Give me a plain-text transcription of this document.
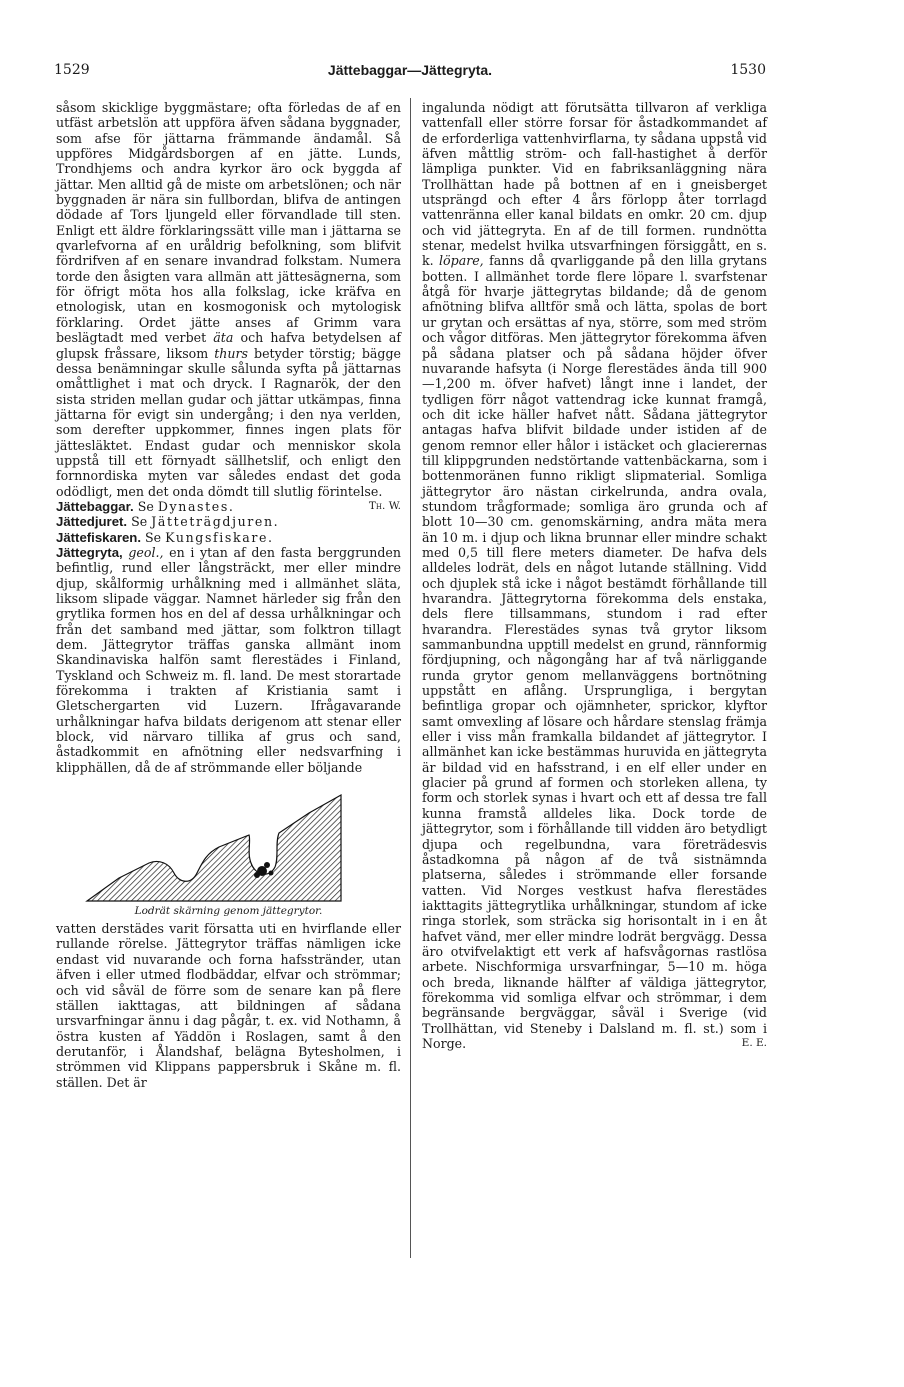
1529	Jättebaggar—Jättegryta.	1530

såsom skicklige byggmästare; ofta förledas de af en utfäst arbetslön att uppföra äfven sådana byggnader, som afse för jättarna främmande ändamål. Så uppföres Midgårdsborgen af en jätte. Lunds, Trondhjems och andra kyrkor äro ock byggda af jättar. Men alltid gå de miste om arbetslönen; och när byggnaden är nära sin fullbordan, blifva de antingen dödade af Tors ljungeld eller förvandlade till sten. Enligt ett äldre förklaringssätt ville man i jättarna se qvarlefvorna af en uråldrig befolkning, som blifvit fördrifven af en senare invandrad folkstam. Numera torde den åsigten vara allmän att jättesägnerna, som för öfrigt möta hos alla folkslag, icke kräfva en etnologisk, utan en kosmogonisk och mytologisk förklaring. Ordet jätte anses af Grimm vara beslägtadt med verbet äta och hafva betydelsen af glupsk fråssare, liksom thurs betyder törstig; bägge dessa benämningar skulle sålunda syfta på jättarnas omåttlighet i mat och dryck. I Ragnarök, der den sista striden mellan gudar och jättar utkämpas, finna jättarna för evigt sin undergång; i den nya verlden, som derefter uppkommer, finnes ingen plats för jättesläktet. Endast gudar och menniskor skola uppstå till ett förnyadt sällhetslif, och enligt den fornnordiska myten var således endast det goda odödligt, men det onda dömdt till slutlig förintelse.
Th. W.

Jättebaggar. Se Dynastes.

Jättedjuret. Se Jätteträgdjuren.

Jättefiskaren. Se Kungsfiskare.

Jättegryta, geol., en i ytan af den fasta berggrunden befintlig, rund eller långsträckt, mer eller mindre djup, skålformig urhålkning med i allmänhet släta, liksom slipade väggar. Namnet härleder sig från den grytlika formen hos en del af dessa urhålkningar och från det samband med jättar, som folktron tillagt dem. Jättegrytor träffas ganska allmänt inom Skandinaviska halfön samt flerestädes i Finland, Tyskland och Schweiz m. fl. land. De mest storartade förekomma i trakten af Kristiania samt i Gletschergarten vid Luzern. Ifrågavarande urhålkningar hafva bildats derigenom att stenar eller block, vid närvaro tillika af grus och sand, åstadkommit en afnötning eller nedsvarfning i klipphällen, då de af strömmande eller böljande

Lodrät skärning genom jättegrytor.

vatten derstädes varit försatta uti en hvirflande eller rullande rörelse. Jättegrytor träffas nämligen icke endast vid nuvarande och forna hafsstränder, utan äfven i eller utmed flodbäddar, elfvar och strömmar; och vid såväl de förre som de senare kan på flere ställen iakttagas, att bildningen af sådana ursvarfningar ännu i dag pågår, t. ex. vid Nothamn, å östra kusten af Yäddön i Roslagen, samt å den derutanför, i Ålandshaf, belägna Bytesholmen, i strömmen vid Klippans pappersbruk i Skåne m. fl. ställen. Det är

ingalunda nödigt att förutsätta tillvaron af verkliga vattenfall eller större forsar för åstadkommandet af de erforderliga vattenhvirflarna, ty sådana uppstå vid äfven måttlig ström- och fall-hastighet å derför lämpliga punkter. Vid en fabriksanläggning nära Trollhättan hade på bottnen af en i gneisberget utsprängd och efter 4 års förlopp åter torrlagd vattenränna eller kanal bildats en omkr. 20 cm. djup och vid jättegryta. En af de till formen. rundnötta stenar, medelst hvilka utsvarfningen försiggått, en s. k. löpare, fanns då qvarliggande på den lilla grytans botten. I allmänhet torde flere löpare l. svarfstenar åtgå för hvarje jättegrytas bildande; då de genom afnötning blifva alltför små och lätta, spolas de bort ur grytan och ersättas af nya, större, som med ström och vågor ditföras. Men jättegrytor förekomma äfven på sådana platser och på sådana höjder öfver nuvarande hafsyta (i Norge flerestädes ända till 900—1,200 m. öfver hafvet) långt inne i landet, der tydligen förr något vattendrag icke kunnat framgå, och dit icke häller hafvet nått. Sådana jättegrytor antagas hafva blifvit bildade under istiden af de genom remnor eller hålor i istäcket och glacierernas till klippgrunden nedstörtande vattenbäckarna, som i bottenmoränen funno rikligt slipmaterial. Somliga jättegrytor äro nästan cirkelrunda, andra ovala, stundom trågformade; somliga äro grunda och af blott 10—30 cm. genomskärning, andra mäta mera än 10 m. i djup och likna brunnar eller mindre schakt med 0,5 till flere meters diameter. De hafva dels alldeles lodrät, dels en något lutande ställning. Vidd och djuplek stå icke i något bestämdt förhållande till hvarandra. Jättegrytorna förekomma dels enstaka, dels flere tillsammans, stundom i rad efter hvarandra. Flerestädes synas två grytor liksom sammanbundna upptill medelst en grund, rännformig fördjupning, och någongång har af två närliggande runda grytor genom mellanväggens bortnötning uppstått en aflång. Ursprungliga, i bergytan befintliga gropar och ojämnheter, sprickor, klyftor samt omvexling af lösare och hårdare stenslag främja eller i viss mån framkalla bildandet af jättegrytor. I allmänhet kan icke bestämmas huruvida en jättegryta är bildad vid en hafsstrand, i en elf eller under en glacier på grund af formen och storleken allena, ty form och storlek synas i hvart och ett af dessa tre fall kunna framstå alldeles lika. Dock torde de jättegrytor, som i förhållande till vidden äro betydligt djupa och regelbundna, vara företrädesvis åstadkomna på någon af de två sistnämnda platserna, således i strömmande eller forsande vatten. Vid Norges vestkust hafva flerestädes iakttagits jättegrytlika urhålkningar, stundom af icke ringa storlek, som sträcka sig horisontalt in i en åt hafvet vänd, mer eller mindre lodrät bergvägg. Dessa äro otvifvelaktigt ett verk af hafsvågornas rastlösa arbete. Nischformiga ursvarfningar, 5—10 m. höga och breda, liknande hälfter af väldiga jättegrytor, förekomma vid somliga elfvar och strömmar, i dem begränsande bergväggar, såväl i Sverige (vid Trollhättan, vid Steneby i Dalsland m. fl. st.) som i Norge.	E. E.
